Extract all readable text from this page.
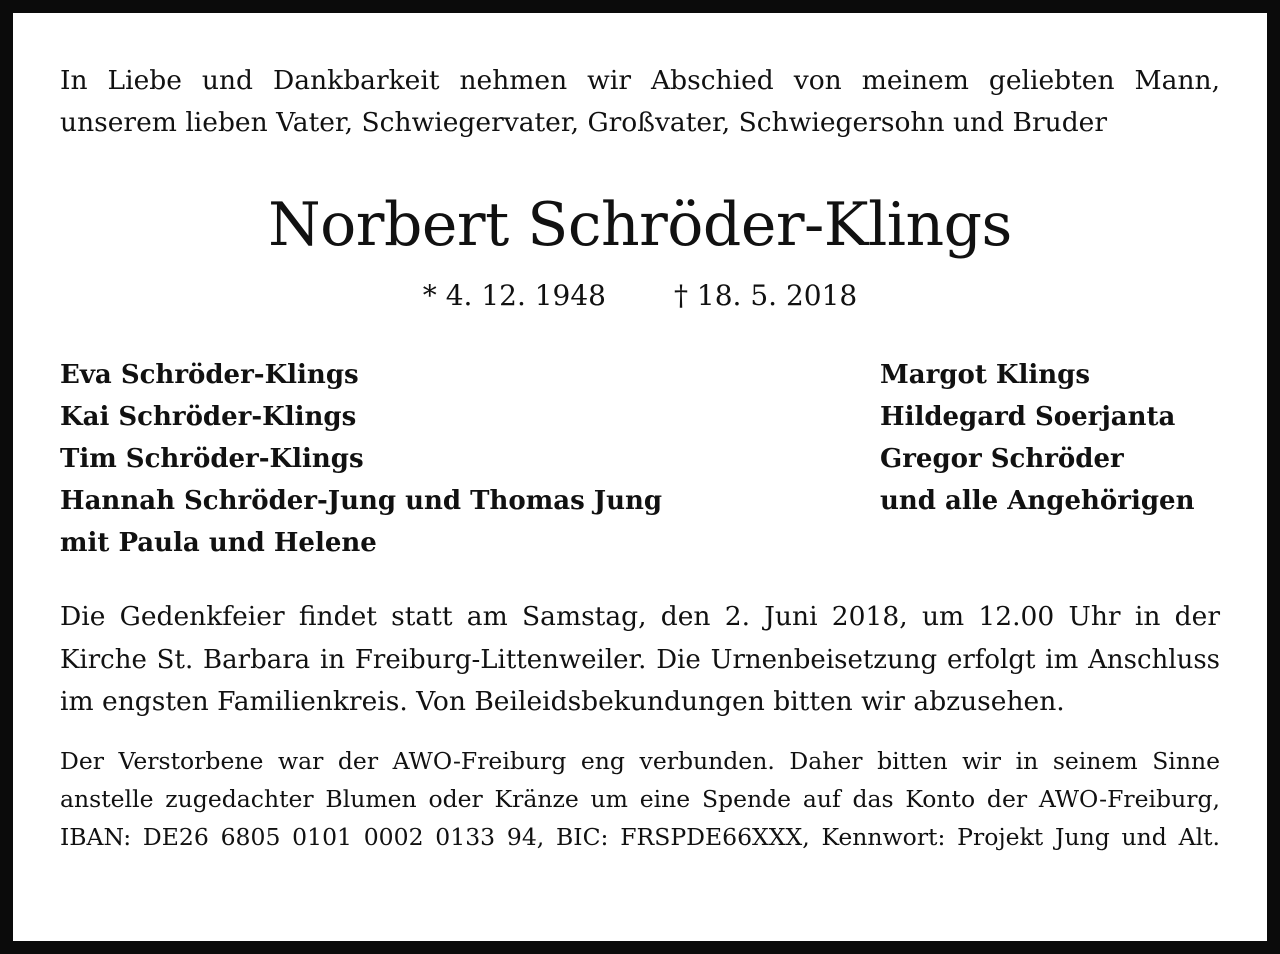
In Liebe und Dankbarkeit nehmen wir Abschied von meinem geliebten Mann,
unserem lieben Vater, Schwiegervater, Großvater, Schwiegersohn und Bruder
Norbert Schröder-Klings
* 4. 12. 1948 † 18. 5. 2018
Eva Schröder-Klings
Kai Schröder-Klings
Tim Schröder-Klings
Hannah Schröder-Jung und Thomas Jung
mit Paula und Helene
Margot Klings
Hildegard Soerjanta
Gregor Schröder
und alle Angehörigen
Die Gedenkfeier findet statt am Samstag, den 2. Juni 2018, um 12.00 Uhr in der
Kirche St. Barbara in Freiburg-Littenweiler. Die Urnenbeisetzung erfolgt im Anschluss
im engsten Familienkreis. Von Beileidsbekundungen bitten wir abzusehen.
Der Verstorbene war der AWO-Freiburg eng verbunden. Daher bitten wir in seinem Sinne
anstelle zugedachter Blumen oder Kränze um eine Spende auf das Konto der AWO-Freiburg,
IBAN: DE26 6805 0101 0002 0133 94, BIC: FRSPDE66XXX, Kennwort: Projekt Jung und Alt.
